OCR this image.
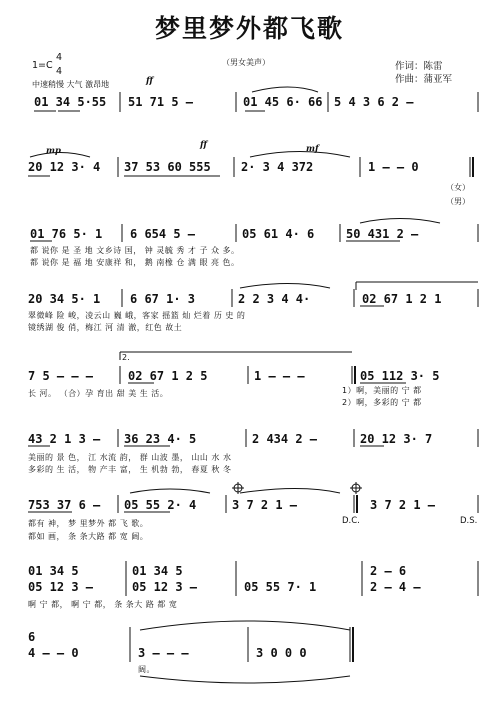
梦里梦外都飞歌
1=C
4
4
（男女美声）	作词：陈雷
作曲：蒲亚军
中速稍慢 大气 激昂地	ff
01 34 5·55 51 71 5 –	01 45 6· 66 5 4 3 6 2 –
mp
ff	mf
20 12 3· 4 37 53 60 555	2· 3 4 372	1 – – 0
（女）
（男）
01 76 5· 1 6 654 5 –	05 61 4· 6	50 431 2 –
都 说你 是 圣 地 文乡诗 国， 钟 灵毓 秀 才 子 众 多。
都 说你 是 福 地 安康祥 和， 鹅 南橡 仓 满 眼 亮 色。
20 34 5· 1 6 67 1· 3	2 2 3 4 4·	02 67 1 2 1
翠微峰 险 峻，凌云山 巍 峨，客家 摇篮 灿 烂着 历 史 的
镜绣湖 俊 俏，梅江 河 清 澈，红色 故土
2.
7 5 – – –	02 67 1 2 5	1 – – –	05 112 3· 5
长 河。 （合）孕 育出 甜 美 生 活。	1）啊，美丽的 宁 都
2）啊，多彩的 宁 都
43 2 1 3 – 36 23 4· 5	2 434 2 –	20 12 3· 7
美丽的 景 色， 江 水流 韵， 群 山波 墨， 山山 水 水
多彩的 生 活， 物 产丰 富， 生 机勃 勃， 春夏 秋 冬
753 37 6 – 05 55 2· 4	3 7 2 1 –	3 7 2 1 –
D.C.	D.S.
都有 神， 梦 里梦外 都 飞 歌。
都如 画， 条 条大路 都 宽 阔。
01 34 5	01 34 5
05 55 7· 1
2 – 6
05 12 3 –	05 12 3 –	2 – 4 –
啊 宁 都， 啊 宁 都， 条 条大 路 都 宽
6
4 – – 0	3 – – –	3 0 0 0
阔。
